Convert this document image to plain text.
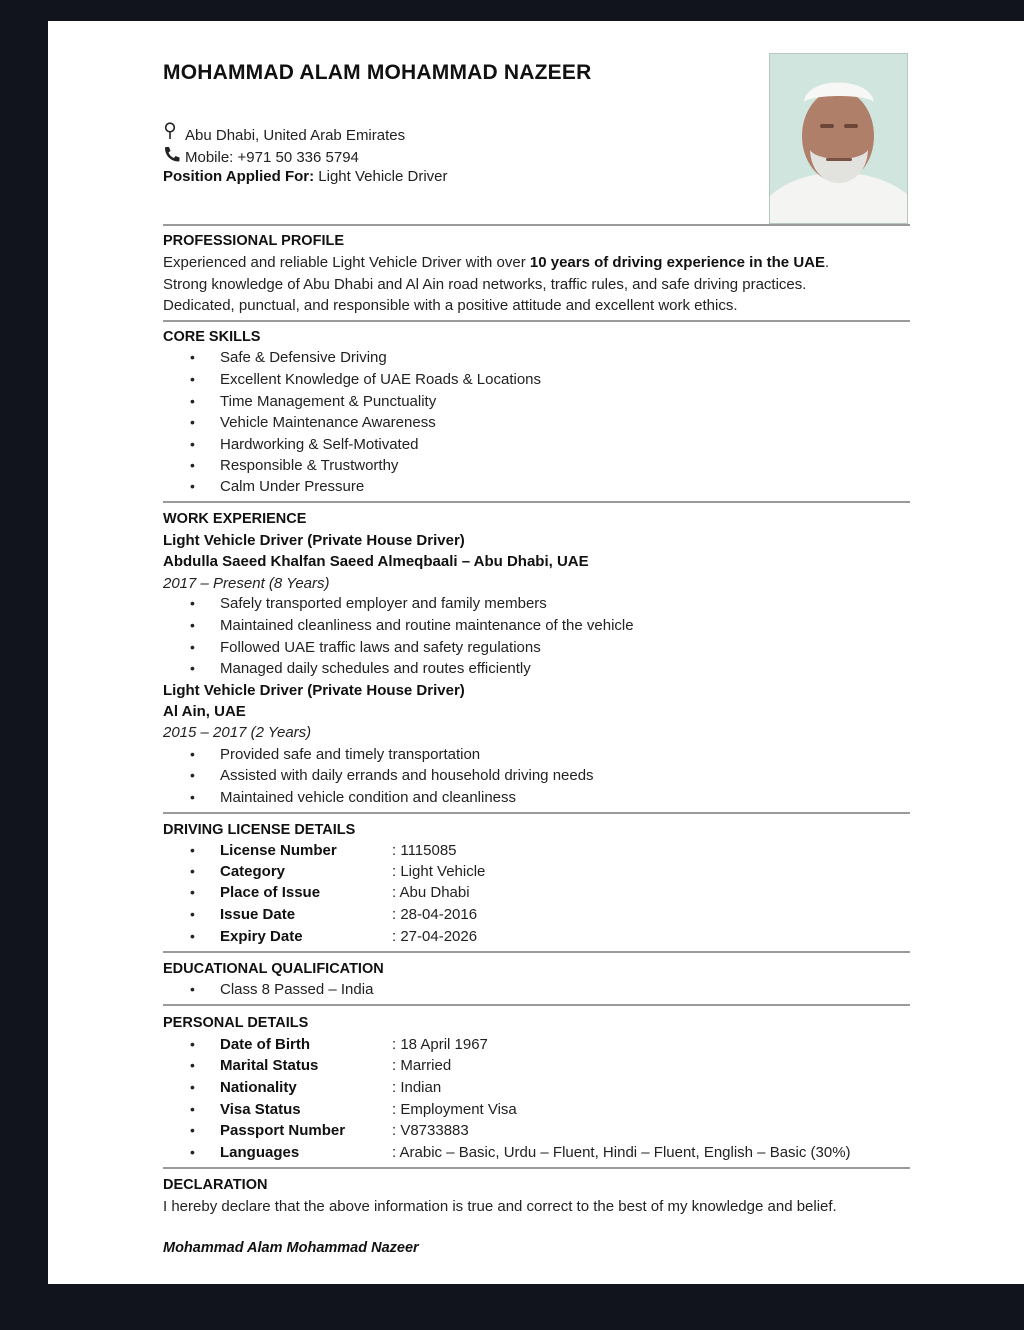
MOHAMMAD ALAM MOHAMMAD NAZEER
Abu Dhabi, United Arab Emirates
Mobile: +971 50 336 5794
Position Applied For: Light Vehicle Driver
PROFESSIONAL PROFILE
Experienced and reliable Light Vehicle Driver with over 10 years of driving experience in the UAE.
Strong knowledge of Abu Dhabi and Al Ain road networks, traffic rules, and safe driving practices.
Dedicated, punctual, and responsible with a positive attitude and excellent work ethics.
CORE SKILLS
• Safe & Defensive Driving
• Excellent Knowledge of UAE Roads & Locations
• Time Management & Punctuality
• Vehicle Maintenance Awareness
• Hardworking & Self-Motivated
• Responsible & Trustworthy
• Calm Under Pressure
WORK EXPERIENCE
Light Vehicle Driver (Private House Driver)
Abdulla Saeed Khalfan Saeed Almeqbaali – Abu Dhabi, UAE
2017 – Present (8 Years)
• Safely transported employer and family members
• Maintained cleanliness and routine maintenance of the vehicle
• Followed UAE traffic laws and safety regulations
• Managed daily schedules and routes efficiently
Light Vehicle Driver (Private House Driver)
Al Ain, UAE
2015 – 2017 (2 Years)
• Provided safe and timely transportation
• Assisted with daily errands and household driving needs
• Maintained vehicle condition and cleanliness
DRIVING LICENSE DETAILS
• License Number	: 1115085
• Category	: Light Vehicle
• Place of Issue	: Abu Dhabi
• Issue Date	: 28-04-2016
• Expiry Date	: 27-04-2026
EDUCATIONAL QUALIFICATION
• Class 8 Passed – India
PERSONAL DETAILS
• Date of Birth	: 18 April 1967
• Marital Status	: Married
• Nationality	: Indian
• Visa Status	: Employment Visa
• Passport Number	: V8733883
• Languages	: Arabic – Basic, Urdu – Fluent, Hindi – Fluent, English – Basic (30%)
DECLARATION
I hereby declare that the above information is true and correct to the best of my knowledge and belief.
Mohammad Alam Mohammad Nazeer
